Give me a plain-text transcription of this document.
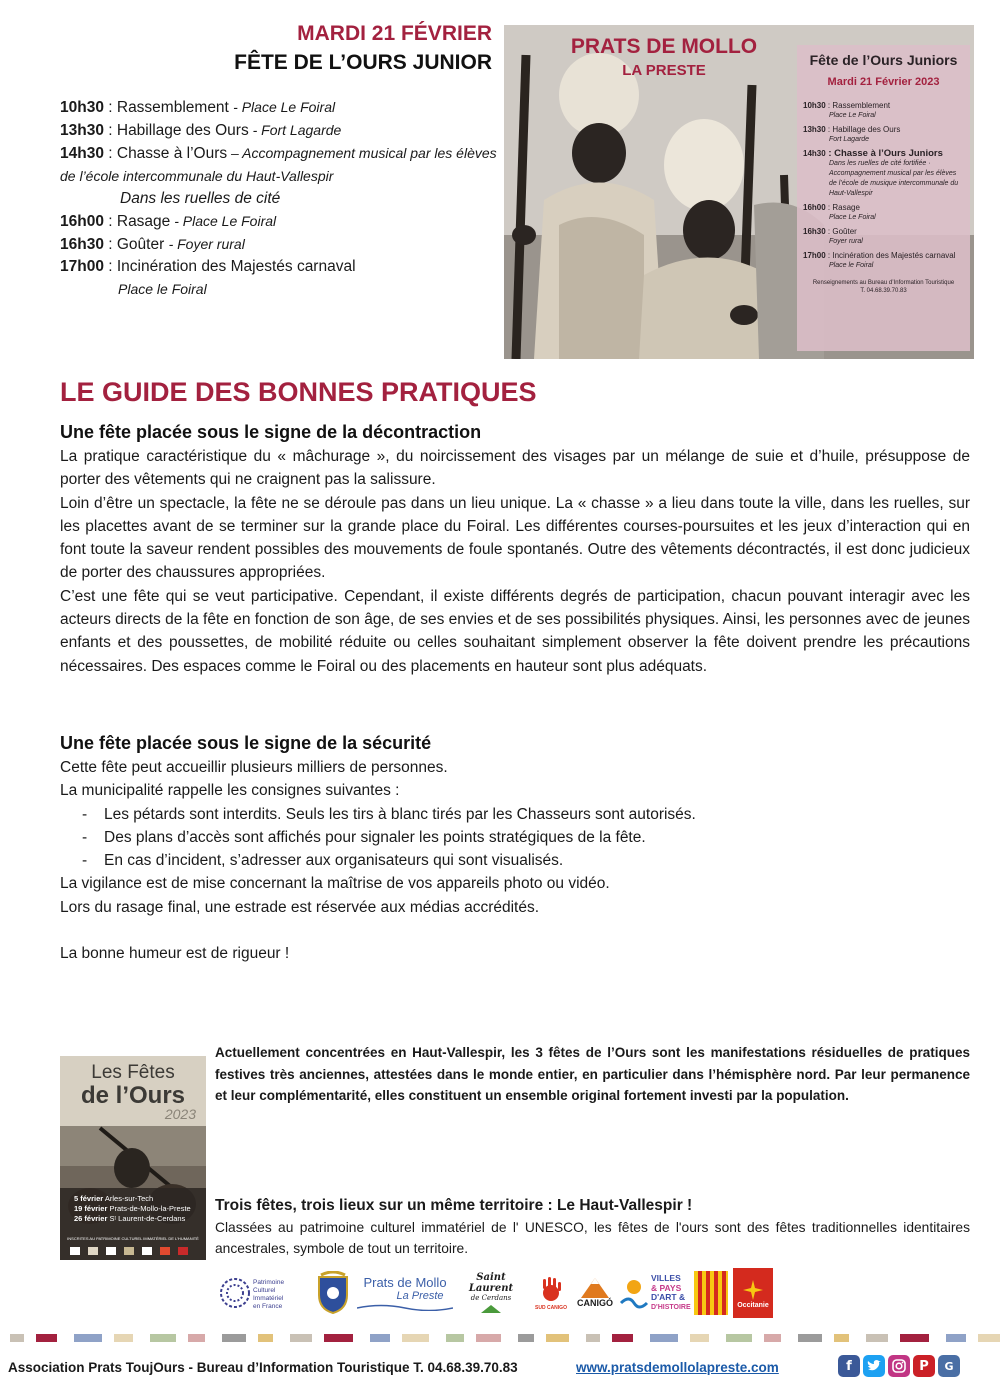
MARDI 21 FÉVRIER
FÊTE DE L’OURS JUNIOR
10h30 : Rassemblement - Place Le Foiral
13h30 : Habillage des Ours - Fort Lagarde
14h30 : Chasse à l’Ours – Accompagnement musical par les élèves de l’école intercommunale du Haut-Vallespir
Dans les ruelles de cité
16h00 : Rasage - Place Le Foiral
16h30 : Goûter - Foyer rural
17h00 : Incinération des Majestés carnaval
Place le Foiral
PRATS DE MOLLO
LA PRESTE
Fête de l’Ours Juniors
Mardi 21 Février 2023
10h30 : Rassemblement
Place Le Foiral
13h30 : Habillage des Ours
Fort Lagarde
14h30 : Chasse à l’Ours Juniors
Dans les ruelles de cité fortifiée · Accompagnement musical par les élèves de l’école de musique intercommunale du Haut-Vallespir
16h00 : Rasage
Place Le Foiral
16h30 : Goûter
Foyer rural
17h00 : Incinération des Majestés carnaval
Place le Foiral
Renseignements au Bureau d’Information Touristique
T. 04.68.39.70.83
LE GUIDE DES BONNES PRATIQUES
Une fête placée sous le signe de la décontraction

La pratique caractéristique du « mâchurage », du noircissement des visages par un mélange de suie et d’huile, présuppose de porter des vêtements qui ne craignent pas la salissure.

Loin d’être un spectacle, la fête ne se déroule pas dans un lieu unique. La « chasse » a lieu dans toute la ville, dans les ruelles, sur les placettes avant de se terminer sur la grande place du Foiral. Les différentes courses-poursuites et les jeux d’interaction qui en font toute la saveur rendent possibles des mouvements de foule spontanés. Outre des vêtements décontractés, il est donc judicieux de porter des chaussures appropriées.

C’est une fête qui se veut participative. Cependant, il existe différents degrés de participation, chacun pouvant interagir avec les acteurs directs de la fête en fonction de son âge, de ses envies et de ses possibilités physiques. Ainsi, les personnes avec de jeunes enfants et des poussettes, de mobilité réduite ou celles souhaitant simplement observer la fête doivent prendre les précautions nécessaires. Des espaces comme le Foiral ou des placements en hauteur sont plus adéquats.

Une fête placée sous le signe de la sécurité

Cette fête peut accueillir plusieurs milliers de personnes.

La municipalité rappelle les consignes suivantes :

- Les pétards sont interdits. Seuls les tirs à blanc tirés par les Chasseurs sont autorisés.
- Des plans d’accès sont affichés pour signaler les points stratégiques de la fête.
- En cas d’incident, s’adresser aux organisateurs qui sont visualisés.

La vigilance est de mise concernant la maîtrise de vos appareils photo ou vidéo.

Lors du rasage final, une estrade est réservée aux médias accrédités.

La bonne humeur est de rigueur !

Les Fêtes
de l’Ours
2023
5 février Arles-sur-Tech
19 février Prats-de-Mollo-la-Preste
26 février Sᵗ Laurent-de-Cerdans
INSCRITES AU PATRIMOINE CULTUREL IMMATÉRIEL DE L’HUMANITÉ
Actuellement concentrées en Haut-Vallespir, les 3 fêtes de l’Ours sont les manifestations résiduelles de pratiques festives très anciennes, attestées dans le monde entier, en particulier dans l’hémisphère nord. Par leur permanence et leur complémentarité, elles constituent un ensemble original fortement investi par la population.
Trois fêtes, trois lieux sur un même territoire : Le Haut-Vallespir !
Classées au patrimoine culturel immatériel de l' UNESCO, les fêtes de l'ours sont des fêtes traditionnelles identitaires ancestrales, symbole de tout un territoire.
Patrimoine
Culturel
Immatériel
en France
Prats de Mollo
La Preste
Saint
Laurent
de Cerdans
SUD CANIGO CANIGÓ
VILLES
& PAYS
D'ART &
D'HISTOIRE	Occitanie
Association Prats ToujOurs - Bureau d’Information Touristique T. 04.68.39.70.83	www.pratsdemollolapreste.com	f	P	G
